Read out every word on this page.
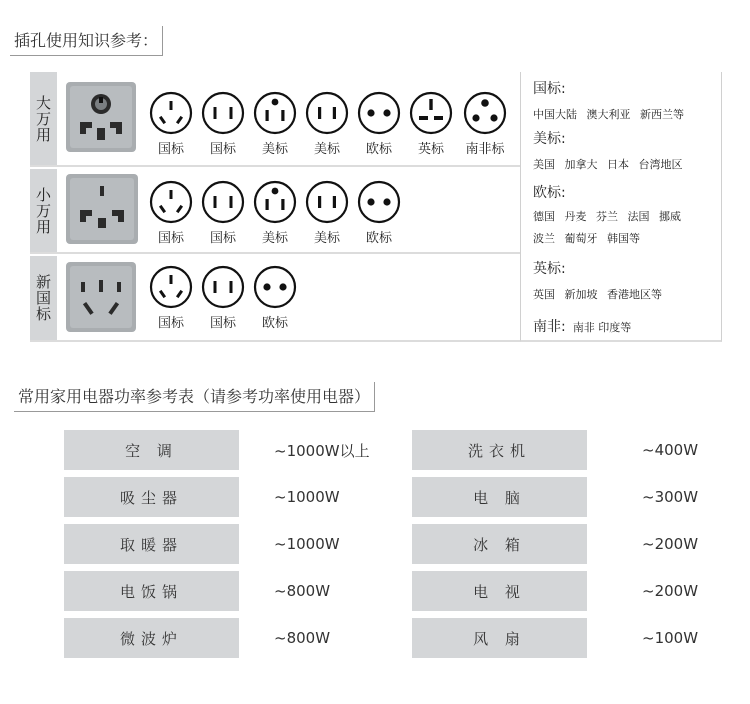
插孔使用知识参考：
大万用
国标	国标	美标	美标	欧标	英标	南非标
小万用
国标	国标	美标	美标	欧标
新国标
国标	国标	欧标
国标:
中国大陆 澳大利亚 新西兰等
美标:
美国 加拿大 日本 台湾地区
欧标:
德国 丹麦 芬兰 法国 挪威
波兰 葡萄牙 韩国等
英标:
英国 新加坡 香港地区等
南非: 南非 印度等
常用家用电器功率参考表（请参考功率使用电器）
空 调	~1000W以上	洗衣机	~400W
吸尘器	~1000W	电 脑	~300W
取暖器	~1000W	冰 箱	~200W
电饭锅	~800W	电 视	~200W
微波炉	~800W	风 扇	~100W
